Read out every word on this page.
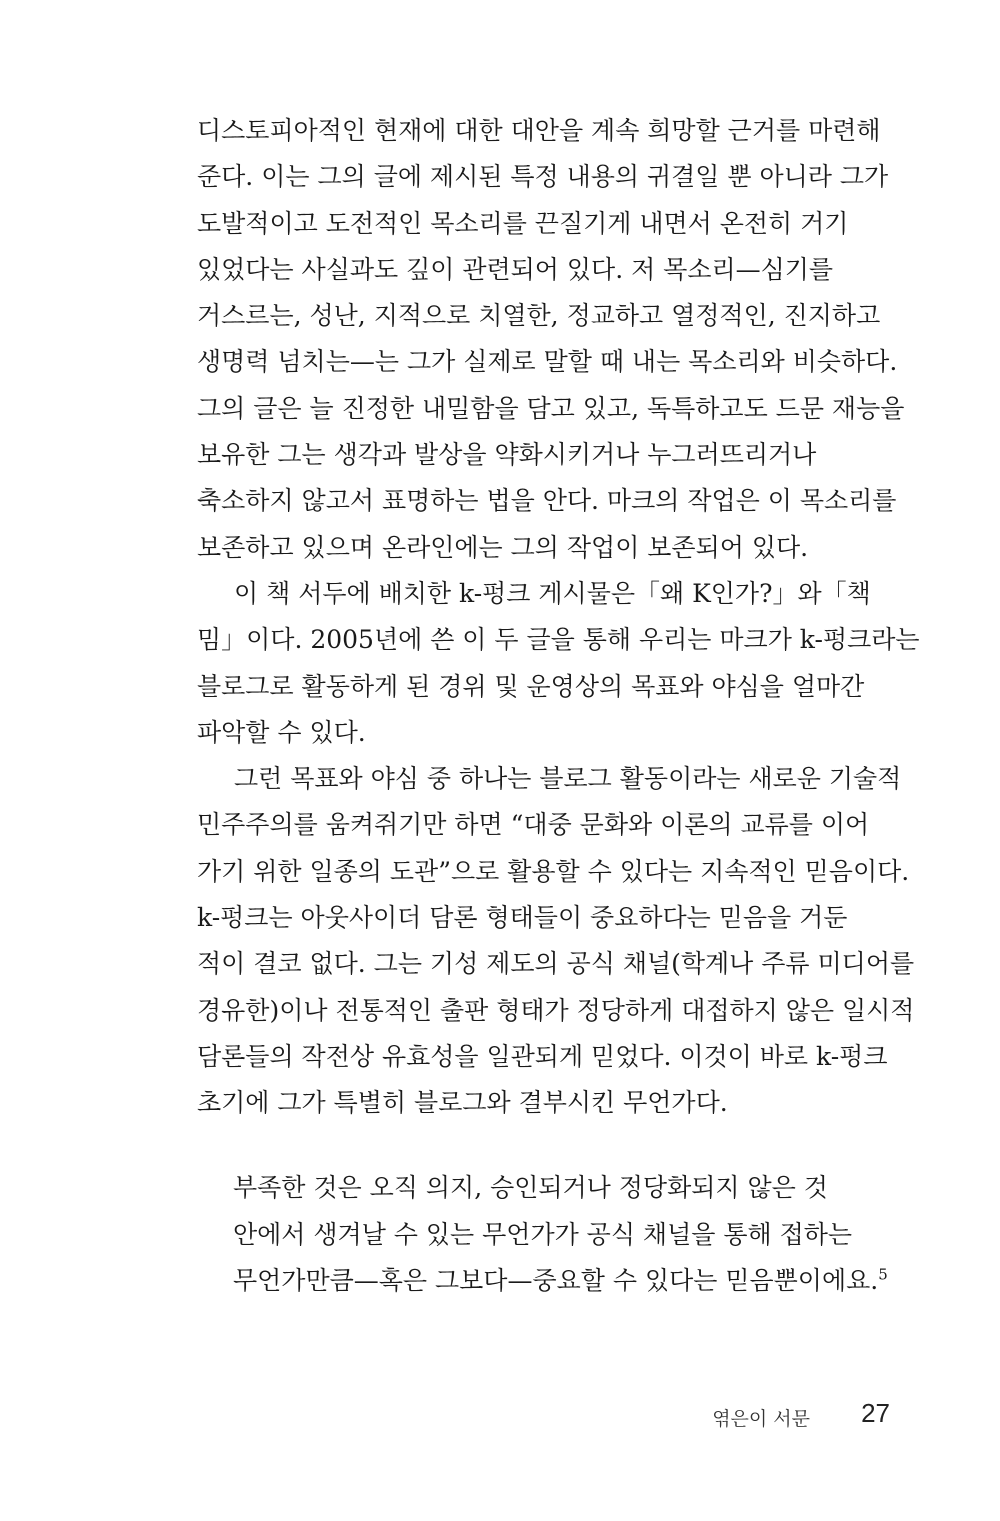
디스토피아적인 현재에 대한 대안을 계속 희망할 근거를 마련해
준다. 이는 그의 글에 제시된 특정 내용의 귀결일 뿐 아니라 그가
도발적이고 도전적인 목소리를 끈질기게 내면서 온전히 거기
있었다는 사실과도 깊이 관련되어 있다. 저 목소리—심기를
거스르는, 성난, 지적으로 치열한, 정교하고 열정적인, 진지하고
생명력 넘치는—는 그가 실제로 말할 때 내는 목소리와 비슷하다.
그의 글은 늘 진정한 내밀함을 담고 있고, 독특하고도 드문 재능을
보유한 그는 생각과 발상을 약화시키거나 누그러뜨리거나
축소하지 않고서 표명하는 법을 안다. 마크의 작업은 이 목소리를
보존하고 있으며 온라인에는 그의 작업이 보존되어 있다.
이 책 서두에 배치한 k-펑크 게시물은「왜 K인가?」와「책
밈」이다. 2005년에 쓴 이 두 글을 통해 우리는 마크가 k-펑크라는
블로그로 활동하게 된 경위 및 운영상의 목표와 야심을 얼마간
파악할 수 있다.
그런 목표와 야심 중 하나는 블로그 활동이라는 새로운 기술적
민주주의를 움켜쥐기만 하면 “대중 문화와 이론의 교류를 이어
가기 위한 일종의 도관”으로 활용할 수 있다는 지속적인 믿음이다.
k-펑크는 아웃사이더 담론 형태들이 중요하다는 믿음을 거둔
적이 결코 없다. 그는 기성 제도의 공식 채널(학계나 주류 미디어를
경유한)이나 전통적인 출판 형태가 정당하게 대접하지 않은 일시적
담론들의 작전상 유효성을 일관되게 믿었다. 이것이 바로 k-펑크
초기에 그가 특별히 블로그와 결부시킨 무언가다.
부족한 것은 오직 의지, 승인되거나 정당화되지 않은 것
안에서 생겨날 수 있는 무언가가 공식 채널을 통해 접하는
무언가만큼—혹은 그보다—중요할 수 있다는 믿음뿐이에요.$^5$
엮은이 서문 27
